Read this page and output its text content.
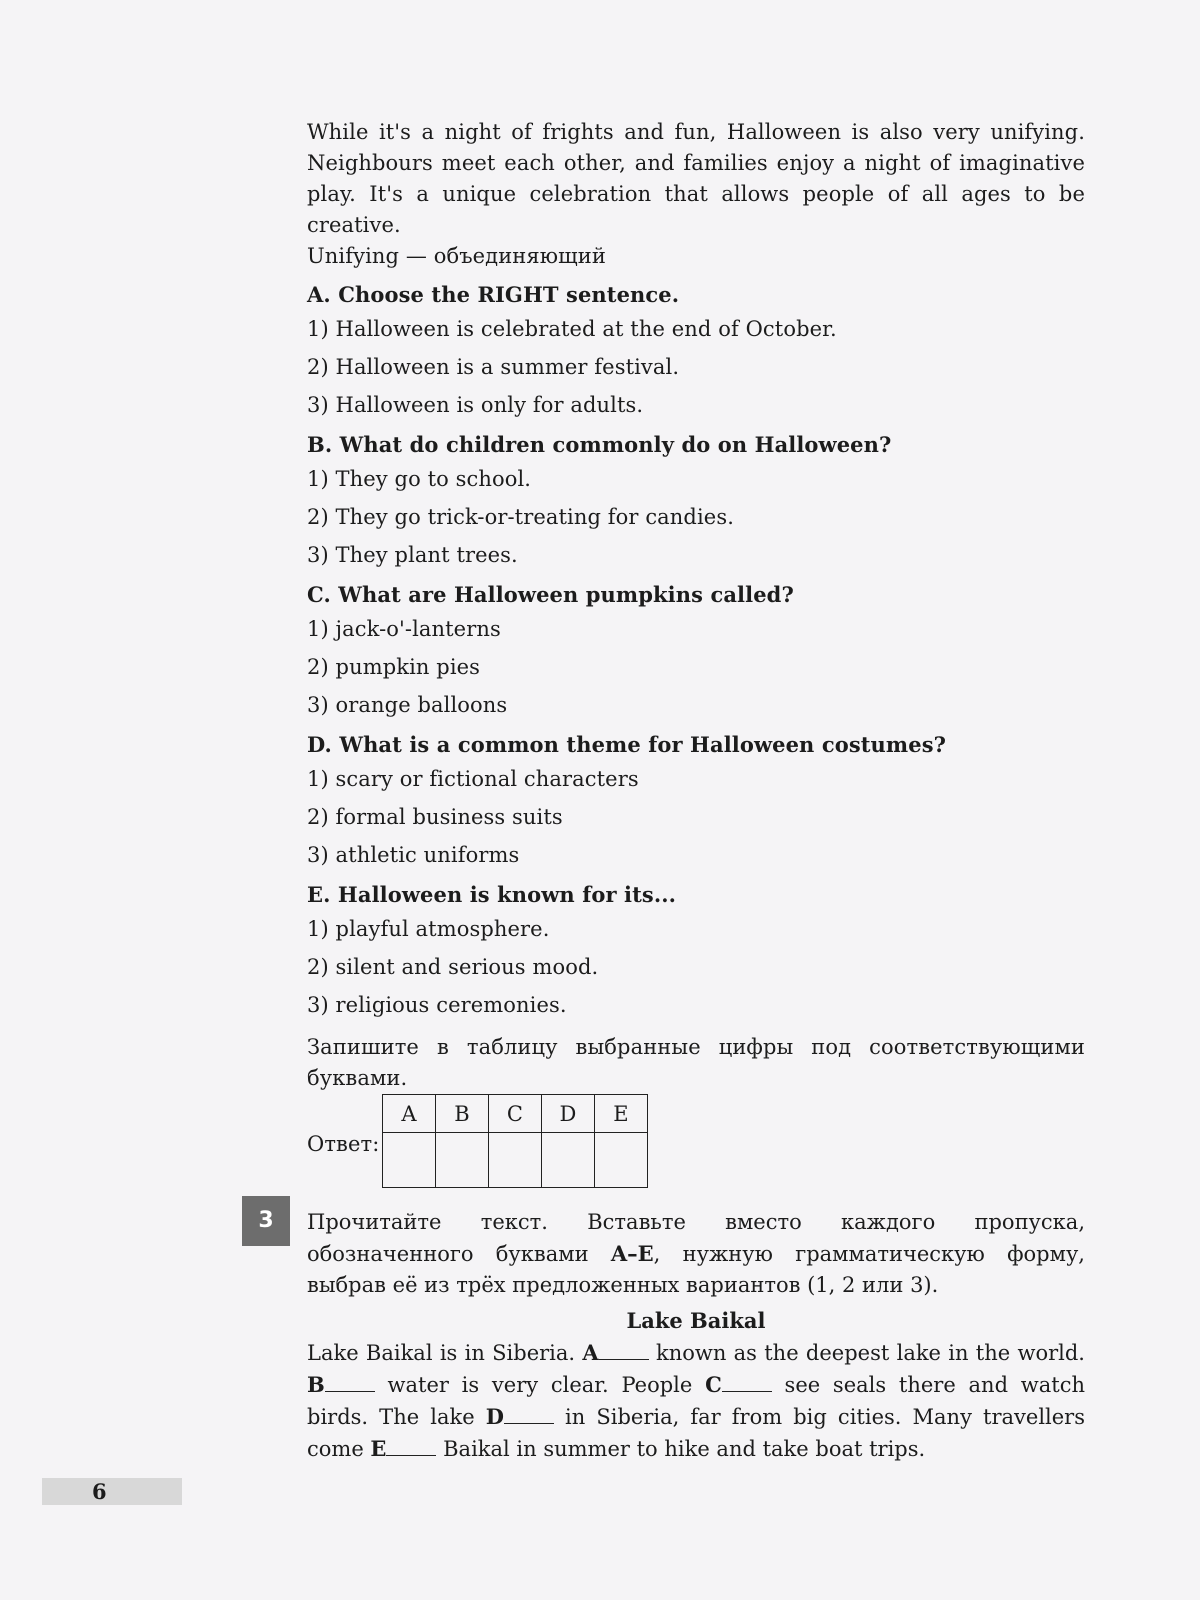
While it's a night of frights and fun, Halloween is also very unifying. Neighbours meet each other, and families enjoy a night of imaginative play. It's a unique celebration that allows people of all ages to be creative.

Unifying — объединяющий

A. Choose the RIGHT sentence.
1) Halloween is celebrated at the end of October.
2) Halloween is a summer festival.
3) Halloween is only for adults.
B. What do children commonly do on Halloween?
1) They go to school.
2) They go trick-or-treating for candies.
3) They plant trees.
C. What are Halloween pumpkins called?
1) jack-o'-lanterns
2) pumpkin pies
3) orange balloons
D. What is a common theme for Halloween costumes?
1) scary or fictional characters
2) formal business suits
3) athletic uniforms
E. Halloween is known for its...
1) playful atmosphere.
2) silent and serious mood.
3) religious ceremonies.
Запишите в таблицу выбранные цифры под соответствующими буквами.
Ответ:
A	B	C	D	E

3	Прочитайте текст. Вставьте вместо каждого пропуска, обозначенного буквами A–E, нужную грамматическую форму, выбрав её из трёх предложенных вариантов (1, 2 или 3).

Lake Baikal

Lake Baikal is in Siberia. A known as the deepest lake in the world. B water is very clear. People C see seals there and watch birds. The lake D in Siberia, far from big cities. Many travellers come E Baikal in summer to hike and take boat trips.

6
